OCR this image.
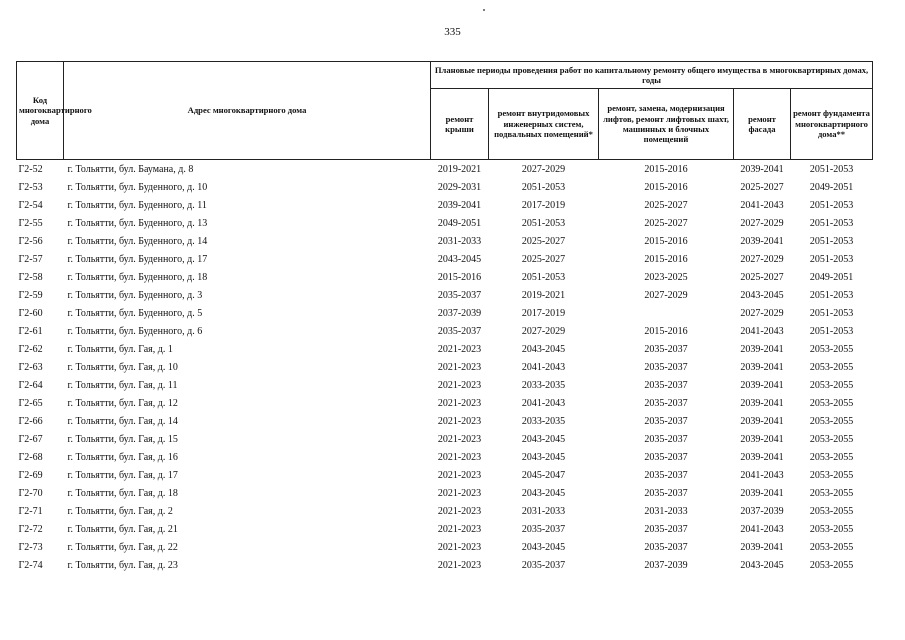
335
Код многоквартирного дома	Адрес многоквартирного дома	Плановые периоды проведения работ по капитальному ремонту общего имущества в многоквартирных домах, годы				
		ремонт крыши	ремонт внутридомовых инженерных систем, подвальных помещений*	ремонт, замена, модернизация лифтов, ремонт лифтовых шахт, машинных и блочных помещений	ремонт фасада	ремонт фундамента многоквартирного дома**
Г2-52	г. Тольятти, бул. Баумана, д. 8	2019-2021	2027-2029	2015-2016	2039-2041	2051-2053
Г2-53	г. Тольятти, бул. Буденного, д. 10	2029-2031	2051-2053	2015-2016	2025-2027	2049-2051
Г2-54	г. Тольятти, бул. Буденного, д. 11	2039-2041	2017-2019	2025-2027	2041-2043	2051-2053
Г2-55	г. Тольятти, бул. Буденного, д. 13	2049-2051	2051-2053	2025-2027	2027-2029	2051-2053
Г2-56	г. Тольятти, бул. Буденного, д. 14	2031-2033	2025-2027	2015-2016	2039-2041	2051-2053
Г2-57	г. Тольятти, бул. Буденного, д. 17	2043-2045	2025-2027	2015-2016	2027-2029	2051-2053
Г2-58	г. Тольятти, бул. Буденного, д. 18	2015-2016	2051-2053	2023-2025	2025-2027	2049-2051
Г2-59	г. Тольятти, бул. Буденного, д. 3	2035-2037	2019-2021	2027-2029	2043-2045	2051-2053
Г2-60	г. Тольятти, бул. Буденного, д. 5	2037-2039	2017-2019		2027-2029	2051-2053
Г2-61	г. Тольятти, бул. Буденного, д. 6	2035-2037	2027-2029	2015-2016	2041-2043	2051-2053
Г2-62	г. Тольятти, бул. Гая, д. 1	2021-2023	2043-2045	2035-2037	2039-2041	2053-2055
Г2-63	г. Тольятти, бул. Гая, д. 10	2021-2023	2041-2043	2035-2037	2039-2041	2053-2055
Г2-64	г. Тольятти, бул. Гая, д. 11	2021-2023	2033-2035	2035-2037	2039-2041	2053-2055
Г2-65	г. Тольятти, бул. Гая, д. 12	2021-2023	2041-2043	2035-2037	2039-2041	2053-2055
Г2-66	г. Тольятти, бул. Гая, д. 14	2021-2023	2033-2035	2035-2037	2039-2041	2053-2055
Г2-67	г. Тольятти, бул. Гая, д. 15	2021-2023	2043-2045	2035-2037	2039-2041	2053-2055
Г2-68	г. Тольятти, бул. Гая, д. 16	2021-2023	2043-2045	2035-2037	2039-2041	2053-2055
Г2-69	г. Тольятти, бул. Гая, д. 17	2021-2023	2045-2047	2035-2037	2041-2043	2053-2055
Г2-70	г. Тольятти, бул. Гая, д. 18	2021-2023	2043-2045	2035-2037	2039-2041	2053-2055
Г2-71	г. Тольятти, бул. Гая, д. 2	2021-2023	2031-2033	2031-2033	2037-2039	2053-2055
Г2-72	г. Тольятти, бул. Гая, д. 21	2021-2023	2035-2037	2035-2037	2041-2043	2053-2055
Г2-73	г. Тольятти, бул. Гая, д. 22	2021-2023	2043-2045	2035-2037	2039-2041	2053-2055
Г2-74	г. Тольятти, бул. Гая, д. 23	2021-2023	2035-2037	2037-2039	2043-2045	2053-2055
